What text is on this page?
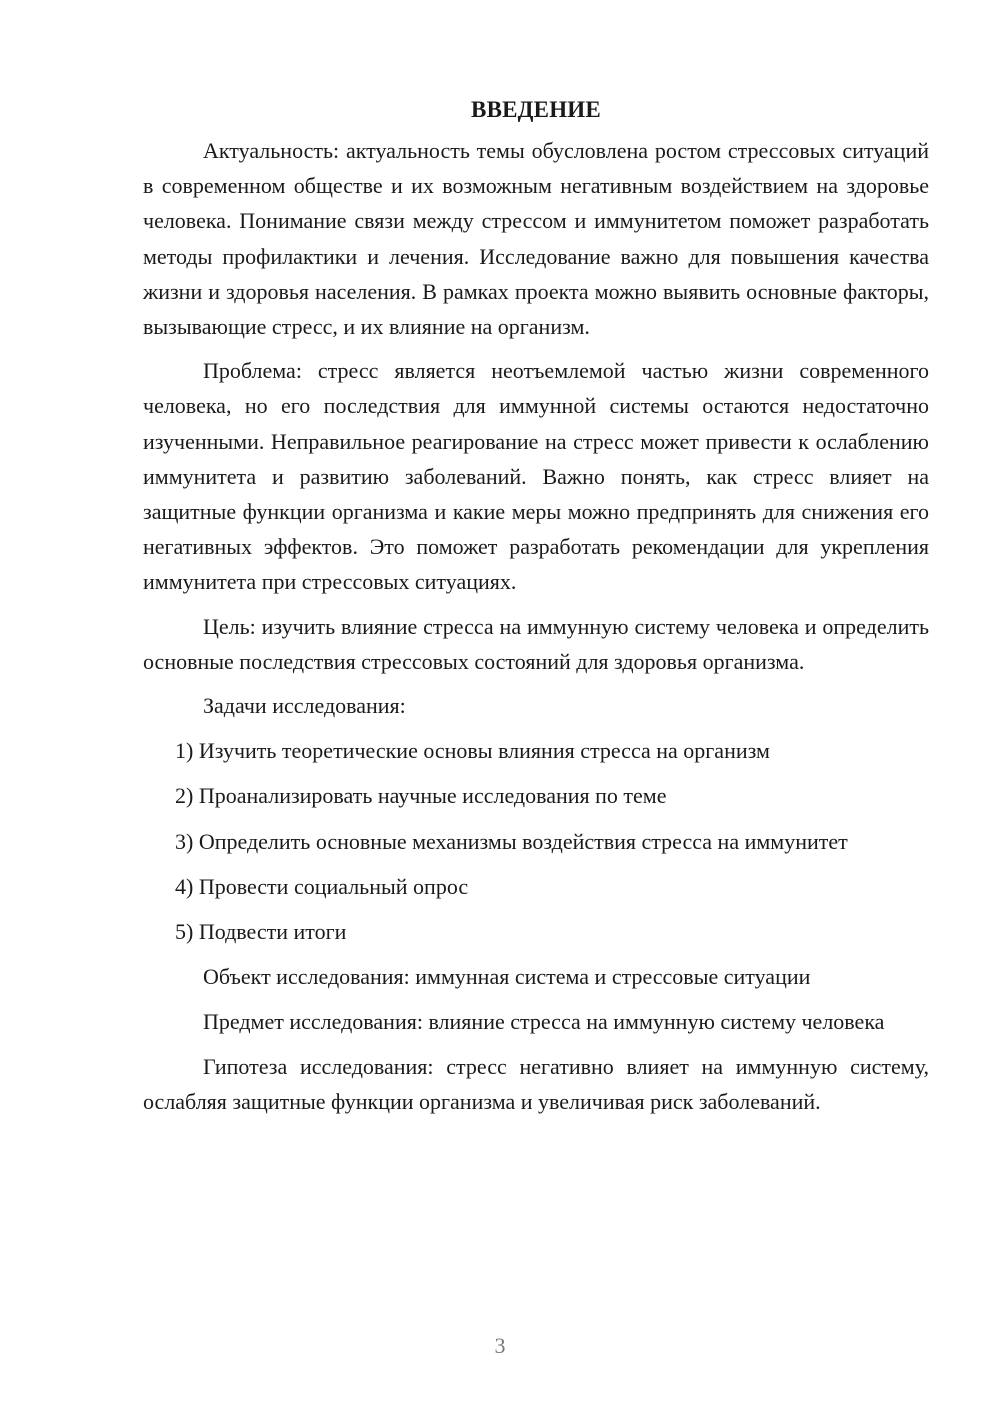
ВВЕДЕНИЕ

Актуальность: актуальность темы обусловлена ростом стрессовых ситуаций в современном обществе и их возможным негативным воздействием на здоровье человека. Понимание связи между стрессом и иммунитетом поможет разработать методы профилактики и лечения. Исследование важно для повышения качества жизни и здоровья населения. В рамках проекта можно выявить основные факторы, вызывающие стресс, и их влияние на организм.

Проблема: стресс является неотъемлемой частью жизни современного человека, но его последствия для иммунной системы остаются недостаточно изученными. Неправильное реагирование на стресс может привести к ослаблению иммунитета и развитию заболеваний. Важно понять, как стресс влияет на защитные функции организма и какие меры можно предпринять для снижения его негативных эффектов. Это поможет разработать рекомендации для укрепления иммунитета при стрессовых ситуациях.

Цель: изучить влияние стресса на иммунную систему человека и определить основные последствия стрессовых состояний для здоровья организма.

Задачи исследования:

1) Изучить теоретические основы влияния стресса на организм

2) Проанализировать научные исследования по теме

3) Определить основные механизмы воздействия стресса на иммунитет

4) Провести социальный опрос

5) Подвести итоги

Объект исследования: иммунная система и стрессовые ситуации

Предмет исследования: влияние стресса на иммунную систему человека

Гипотеза исследования: стресс негативно влияет на иммунную систему, ослабляя защитные функции организма и увеличивая риск заболеваний.

3
